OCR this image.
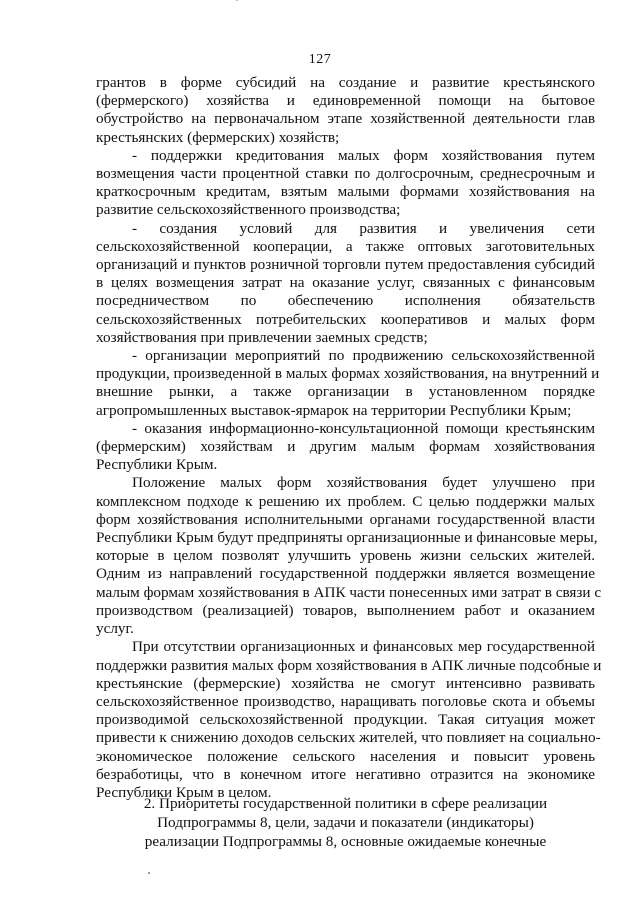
127
грантов в форме субсидий на создание и развитие крестьянского
(фермерского) хозяйства и единовременной помощи на бытовое
обустройство на первоначальном этапе хозяйственной деятельности глав
крестьянских (фермерских) хозяйств;
- поддержки кредитования малых форм хозяйствования путем
возмещения части процентной ставки по долгосрочным, среднесрочным и
краткосрочным кредитам, взятым малыми формами хозяйствования на
развитие сельскохозяйственного производства;
- создания условий для развития и увеличения сети
сельскохозяйственной кооперации, а также оптовых заготовительных
организаций и пунктов розничной торговли путем предоставления субсидий
в целях возмещения затрат на оказание услуг, связанных с финансовым
посредничеством по обеспечению исполнения обязательств
сельскохозяйственных потребительских кооперативов и малых форм
хозяйствования при привлечении заемных средств;
- организации мероприятий по продвижению сельскохозяйственной
продукции, произведенной в малых формах хозяйствования, на внутренний и
внешние рынки, а также организации в установленном порядке
агропромышленных выставок-ярмарок на территории Республики Крым;
- оказания информационно-консультационной помощи крестьянским
(фермерским) хозяйствам и другим малым формам хозяйствования
Республики Крым.
Положение малых форм хозяйствования будет улучшено при
комплексном подходе к решению их проблем. С целью поддержки малых
форм хозяйствования исполнительными органами государственной власти
Республики Крым будут предприняты организационные и финансовые меры,
которые в целом позволят улучшить уровень жизни сельских жителей.
Одним из направлений государственной поддержки является возмещение
малым формам хозяйствования в АПК части понесенных ими затрат в связи с
производством (реализацией) товаров, выполнением работ и оказанием
услуг.
При отсутствии организационных и финансовых мер государственной
поддержки развития малых форм хозяйствования в АПК личные подсобные и
крестьянские (фермерские) хозяйства не смогут интенсивно развивать
сельскохозяйственное производство, наращивать поголовье скота и объемы
производимой сельскохозяйственной продукции. Такая ситуация может
привести к снижению доходов сельских жителей, что повлияет на социально-
экономическое положение сельского населения и повысит уровень
безработицы, что в конечном итоге негативно отразится на экономике
Республики Крым в целом.
2. Приоритеты государственной политики в сфере реализации
Подпрограммы 8, цели, задачи и показатели (индикаторы)
реализации Подпрограммы 8, основные ожидаемые конечные
